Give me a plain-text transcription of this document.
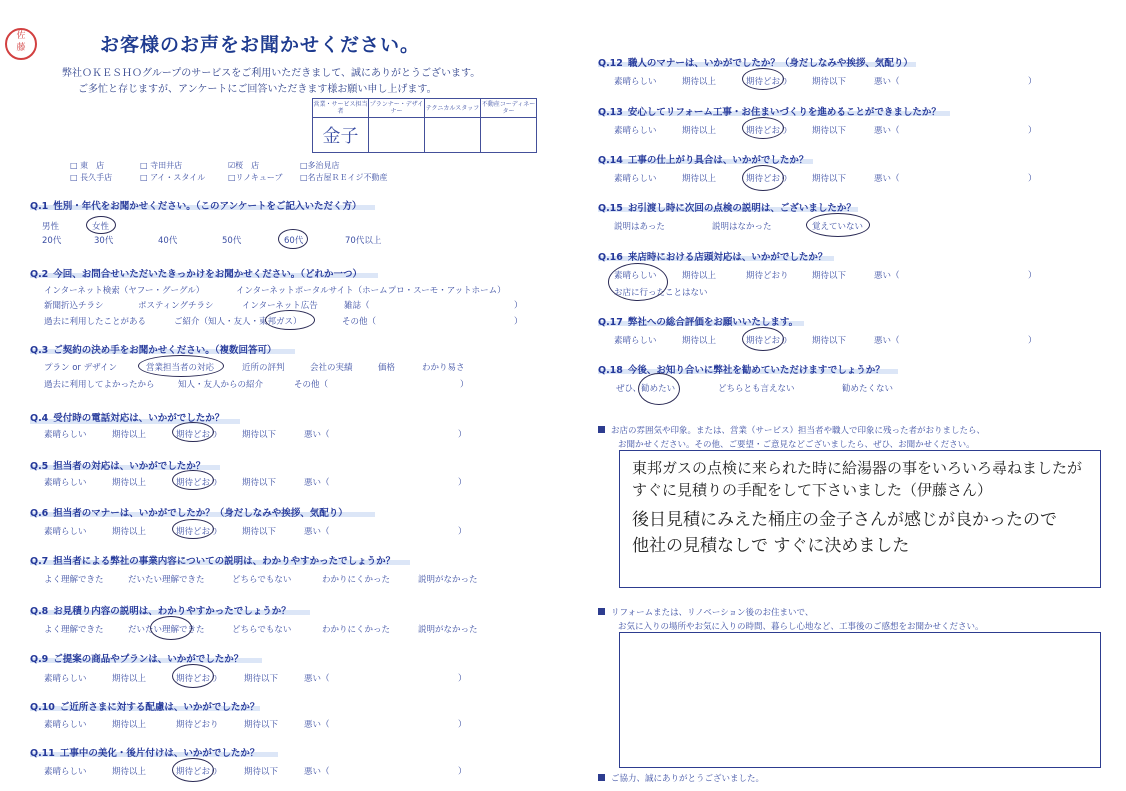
佐
藤	お客様のお声をお聞かせください。
弊社ＯＫＥＳＨＯグループのサービスをご利用いただきまして、誠にありがとうございます。
ご多忙と存じますが、アンケートにご回答いただきます様お願い申し上げます。
営業・サービス担当者	プランナー・デザイナー	テクニカルスタッフ	不動産コーディネーター
金子			
□ 東　店	□ 寺田井店	☑桜　店	□多治見店
□ 長久手店	□ アイ・スタイル	□リノキューブ □名古屋ＲＥイジ不動産
Q.1 性別・年代をお聞かせください。（このアンケートをご記入いただく方）
男性	女性
20代	30代	40代	50代	60代	70代以上
Q.2 今回、お問合せいただいたきっかけをお聞かせください。（どれか一つ）
インターネット検索（ヤフー・グーグル）	インターネットポータルサイト（ホームプロ・スーモ・アットホーム）
新聞折込チラシ	ポスティングチラシ	インターネット広告	雑誌（	）
過去に利用したことがある	ご紹介（知人・友人・東邦ガス）	その他（	）
Q.3 ご契約の決め手をお聞かせください。（複数回答可）
プラン or デザイン	営業担当者の対応	近所の評判	会社の実績	価格	わかり易さ
過去に利用してよかったから	知人・友人からの紹介	その他（	）
Q.4 受付時の電話対応は、いかがでしたか？
素晴らしい	期待以上	期待どおり	期待以下	悪い（	）
Q.5 担当者の対応は、いかがでしたか？
素晴らしい	期待以上	期待どおり	期待以下	悪い（	）
Q.6 担当者のマナーは、いかがでしたか？（身だしなみや挨拶、気配り）
素晴らしい	期待以上	期待どおり	期待以下	悪い（	）
Q.7 担当者による弊社の事業内容についての説明は、わかりやすかったでしょうか？
よく理解できた	だいたい理解できた	どちらでもない	わかりにくかった	説明がなかった
Q.8 お見積り内容の説明は、わかりやすかったでしょうか？
よく理解できた	だいたい理解できた	どちらでもない	わかりにくかった	説明がなかった
Q.9 ご提案の商品やプランは、いかがでしたか？
素晴らしい	期待以上	期待どおり	期待以下	悪い（	）
Q.10 ご近所さまに対する配慮は、いかがでしたか？
素晴らしい	期待以上	期待どおり	期待以下	悪い（	）
Q.11 工事中の美化・後片付けは、いかがでしたか？
素晴らしい	期待以上	期待どおり	期待以下	悪い（	）
Q.12 職人のマナーは、いかがでしたか？（身だしなみや挨拶、気配り）
素晴らしい	期待以上	期待どおり	期待以下	悪い（	）
Q.13 安心してリフォーム工事・お住まいづくりを進めることができましたか？
素晴らしい	期待以上	期待どおり	期待以下	悪い（	）
Q.14 工事の仕上がり具合は、いかがでしたか？
素晴らしい	期待以上	期待どおり	期待以下	悪い（	）
Q.15 お引渡し時に次回の点検の説明は、ございましたか？
説明はあった	説明はなかった	覚えていない
Q.16 来店時における店頭対応は、いかがでしたか？
素晴らしい	期待以上	期待どおり	期待以下	悪い（	）
お店に行ったことはない
Q.17 弊社への総合評価をお願いいたします。
素晴らしい	期待以上	期待どおり	期待以下	悪い（	）
Q.18 今後、お知り合いに弊社を勧めていただけますでしょうか？
ぜひ、勧めたい	どちらとも言えない	勧めたくない
お店の雰囲気や印象。または、営業（サービス）担当者や職人で印象に残った者がおりましたら、
お聞かせください。その他、ご要望・ご意見などございましたら、ぜひ、お聞かせください。
東邦ガスの点検に来られた時に給湯器の事をいろいろ尋ねましたが
すぐに見積りの手配をして下さいました（伊藤さん）
後日見積にみえた桶庄の金子さんが感じが良かったので
他社の見積なしで すぐに決めました
リフォームまたは、リノベーション後のお住まいで、
お気に入りの場所やお気に入りの時間、暮らし心地など、工事後のご感想をお聞かせください。
ご協力、誠にありがとうございました。
